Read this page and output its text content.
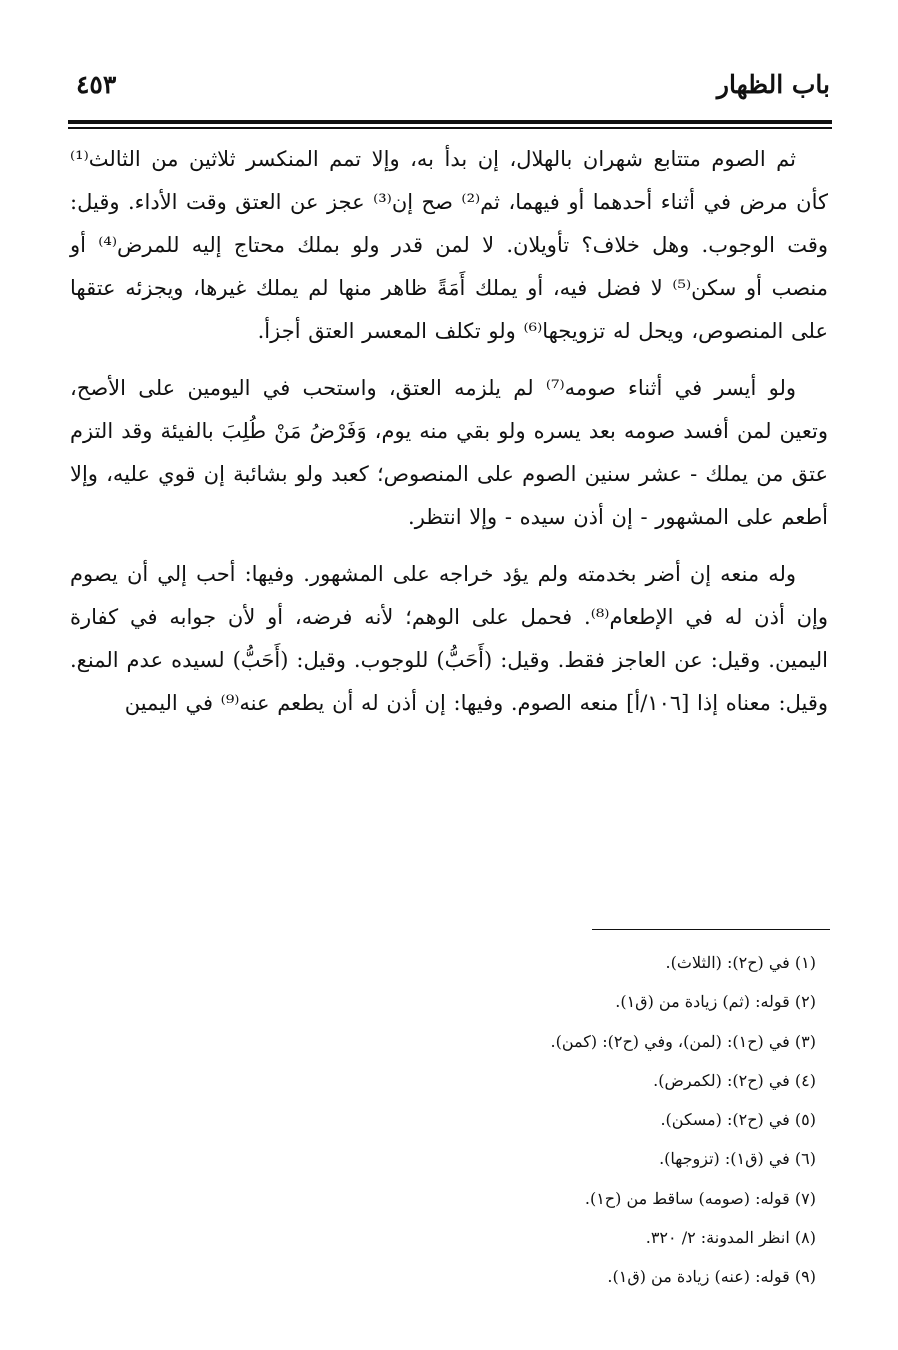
باب الظهار
٤٥٣

ثم الصوم متتابع شهران بالهلال، إن بدأ به، وإلا تمم المنكسر ثلاثين من الثالث⁽¹⁾ كأن مرض في أثناء أحدهما أو فيهما، ثم⁽²⁾ صح إن⁽³⁾ عجز عن العتق وقت الأداء. وقيل: وقت الوجوب. وهل خلاف؟ تأويلان. لا لمن قدر ولو بملك محتاج إليه للمرض⁽⁴⁾ أو منصب أو سكن⁽⁵⁾ لا فضل فيه، أو يملك أَمَةً ظاهر منها لم يملك غيرها، ويجزئه عتقها على المنصوص، ويحل له تزويجها⁽⁶⁾ ولو تكلف المعسر العتق أجزأ.

ولو أيسر في أثناء صومه⁽⁷⁾ لم يلزمه العتق، واستحب في اليومين على الأصح، وتعين لمن أفسد صومه بعد يسره ولو بقي منه يوم، وَفَرْضُ مَنْ طُلِبَ بالفيئة وقد التزم عتق من يملك - عشر سنين الصوم على المنصوص؛ كعبد ولو بشائبة إن قوي عليه، وإلا أطعم على المشهور - إن أذن سيده - وإلا انتظر.

وله منعه إن أضر بخدمته ولم يؤد خراجه على المشهور. وفيها: أحب إلي أن يصوم وإن أذن له في الإطعام⁽⁸⁾. فحمل على الوهم؛ لأنه فرضه، أو لأن جوابه في كفارة اليمين. وقيل: عن العاجز فقط. وقيل: (أَحَبُّ) للوجوب. وقيل: (أَحَبُّ) لسيده عدم المنع. وقيل: معناه إذا [١٠٦/أ] منعه الصوم. وفيها: إن أذن له أن يطعم عنه⁽⁹⁾ في اليمين

(١) في (ح٢): (الثلاث).
(٢) قوله: (ثم) زيادة من (ق١).
(٣) في (ح١): (لمن)، وفي (ح٢): (كمن).
(٤) في (ح٢): (لكمرض).
(٥) في (ح٢): (مسكن).
(٦) في (ق١): (تزوجها).
(٧) قوله: (صومه) ساقط من (ح١).
(٨) انظر المدونة: ٢/ ٣٢٠.
(٩) قوله: (عنه) زيادة من (ق١).
